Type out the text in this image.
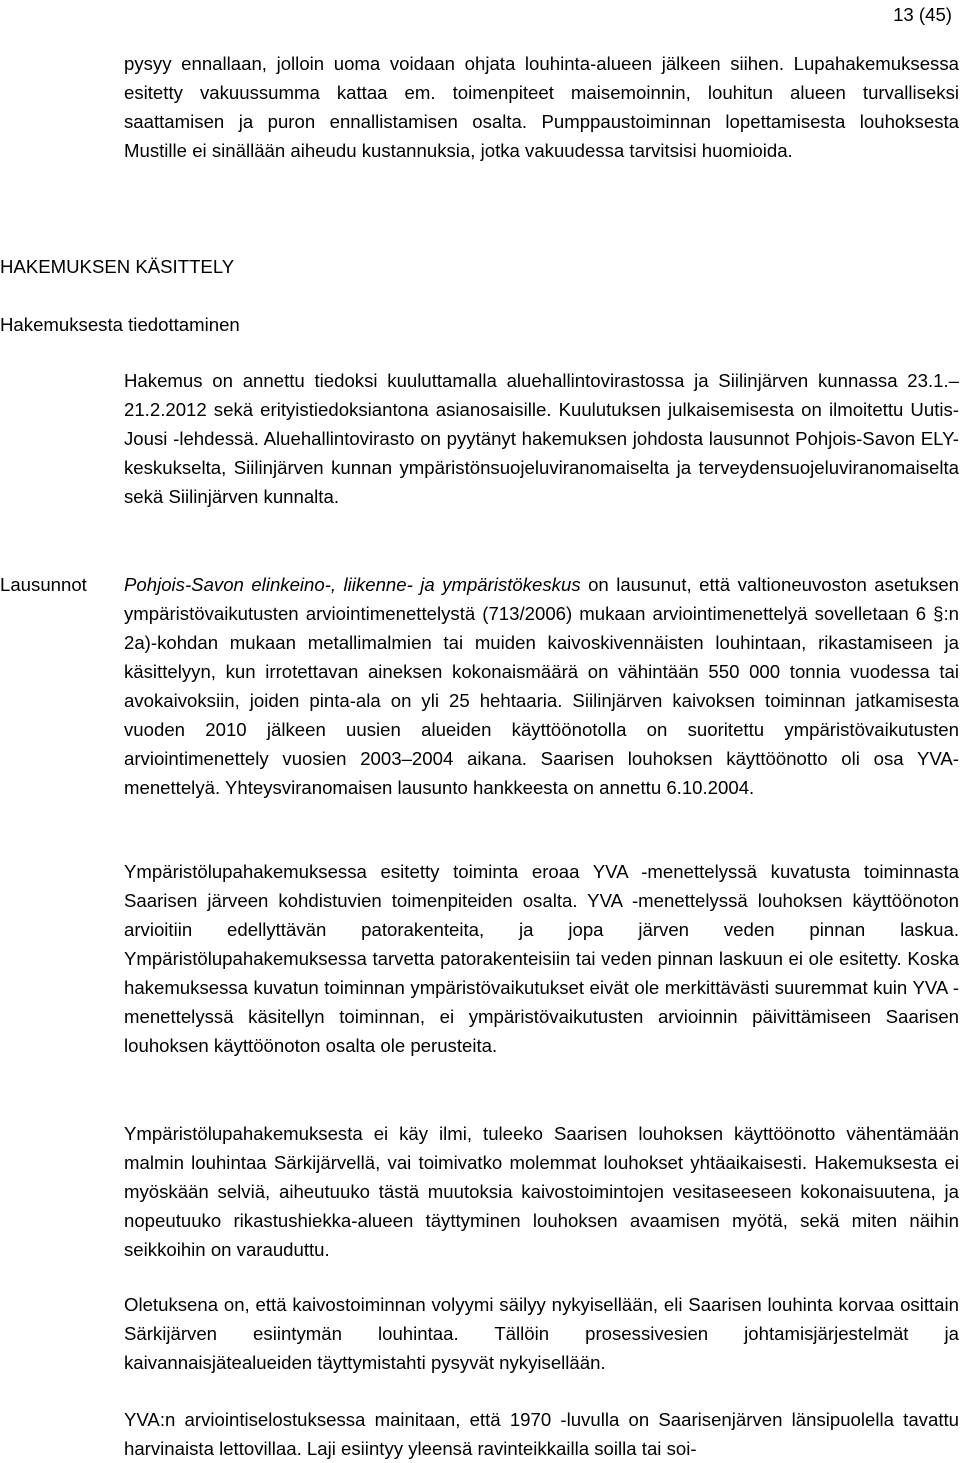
13 (45)

pysyy ennallaan, jolloin uoma voidaan ohjata louhinta-alueen jälkeen siihen. Lupahakemuksessa esitetty vakuussumma kattaa em. toimenpiteet maisemoinnin, louhitun alueen turvalliseksi saattamisen ja puron ennallistamisen osalta. Pumppaustoiminnan lopettamisesta louhoksesta Mustille ei sinällään aiheudu kustannuksia, jotka vakuudessa tarvitsisi huomioida.

HAKEMUKSEN KÄSITTELY
Hakemuksesta tiedottaminen

Hakemus on annettu tiedoksi kuuluttamalla aluehallintovirastossa ja Siilinjärven kunnassa 23.1.–21.2.2012 sekä erityistiedoksiantona asianosaisille. Kuulutuksen julkaisemisesta on ilmoitettu Uutis-Jousi -lehdessä. Aluehallintovirasto on pyytänyt hakemuksen johdosta lausunnot Pohjois-Savon ELY-keskukselta, Siilinjärven kunnan ympäristönsuojeluviranomaiselta ja terveydensuojeluviranomaiselta sekä Siilinjärven kunnalta.

Lausunnot Pohjois-Savon elinkeino-, liikenne- ja ympäristökeskus on lausunut, että valtioneuvoston asetuksen ympäristövaikutusten arviointimenettelystä (713/2006) mukaan arviointimenettelyä sovelletaan 6 §:n 2a)-kohdan mukaan metallimalmien tai muiden kaivoskivennäisten louhintaan, rikastamiseen ja käsittelyyn, kun irrotettavan aineksen kokonaismäärä on vähintään 550 000 tonnia vuodessa tai avokaivoksiin, joiden pinta-ala on yli 25 hehtaaria. Siilinjärven kaivoksen toiminnan jatkamisesta vuoden 2010 jälkeen uusien alueiden käyttöönotolla on suoritettu ympäristövaikutusten arviointimenettely vuosien 2003–2004 aikana. Saarisen louhoksen käyttöönotto oli osa YVA-menettelyä. Yhteysviranomaisen lausunto hankkeesta on annettu 6.10.2004.

Ympäristölupahakemuksessa esitetty toiminta eroaa YVA -menettelyssä kuvatusta toiminnasta Saarisen järveen kohdistuvien toimenpiteiden osalta. YVA -menettelyssä louhoksen käyttöönoton arvioitiin edellyttävän patorakenteita, ja jopa järven veden pinnan laskua. Ympäristölupahakemuksessa tarvetta patorakenteisiin tai veden pinnan laskuun ei ole esitetty. Koska hakemuksessa kuvatun toiminnan ympäristövaikutukset eivät ole merkittävästi suuremmat kuin YVA -menettelyssä käsitellyn toiminnan, ei ympäristövaikutusten arvioinnin päivittämiseen Saarisen louhoksen käyttöönoton osalta ole perusteita.

Ympäristölupahakemuksesta ei käy ilmi, tuleeko Saarisen louhoksen käyttöönotto vähentämään malmin louhintaa Särkijärvellä, vai toimivatko molemmat louhokset yhtäaikaisesti. Hakemuksesta ei myöskään selviä, aiheutuuko tästä muutoksia kaivostoimintojen vesitaseeseen kokonaisuutena, ja nopeutuuko rikastushiekka-alueen täyttyminen louhoksen avaamisen myötä, sekä miten näihin seikkoihin on varauduttu.

Oletuksena on, että kaivostoiminnan volyymi säilyy nykyisellään, eli Saarisen louhinta korvaa osittain Särkijärven esiintymän louhintaa. Tällöin prosessivesien johtamisjärjestelmät ja kaivannaisjätealueiden täyttymistahti pysyvät nykyisellään.

YVA:n arviointiselostuksessa mainitaan, että 1970 -luvulla on Saarisenjärven länsipuolella tavattu harvinaista lettovillaa. Laji esiintyy yleensä ravinteikkailla soilla tai soi-
